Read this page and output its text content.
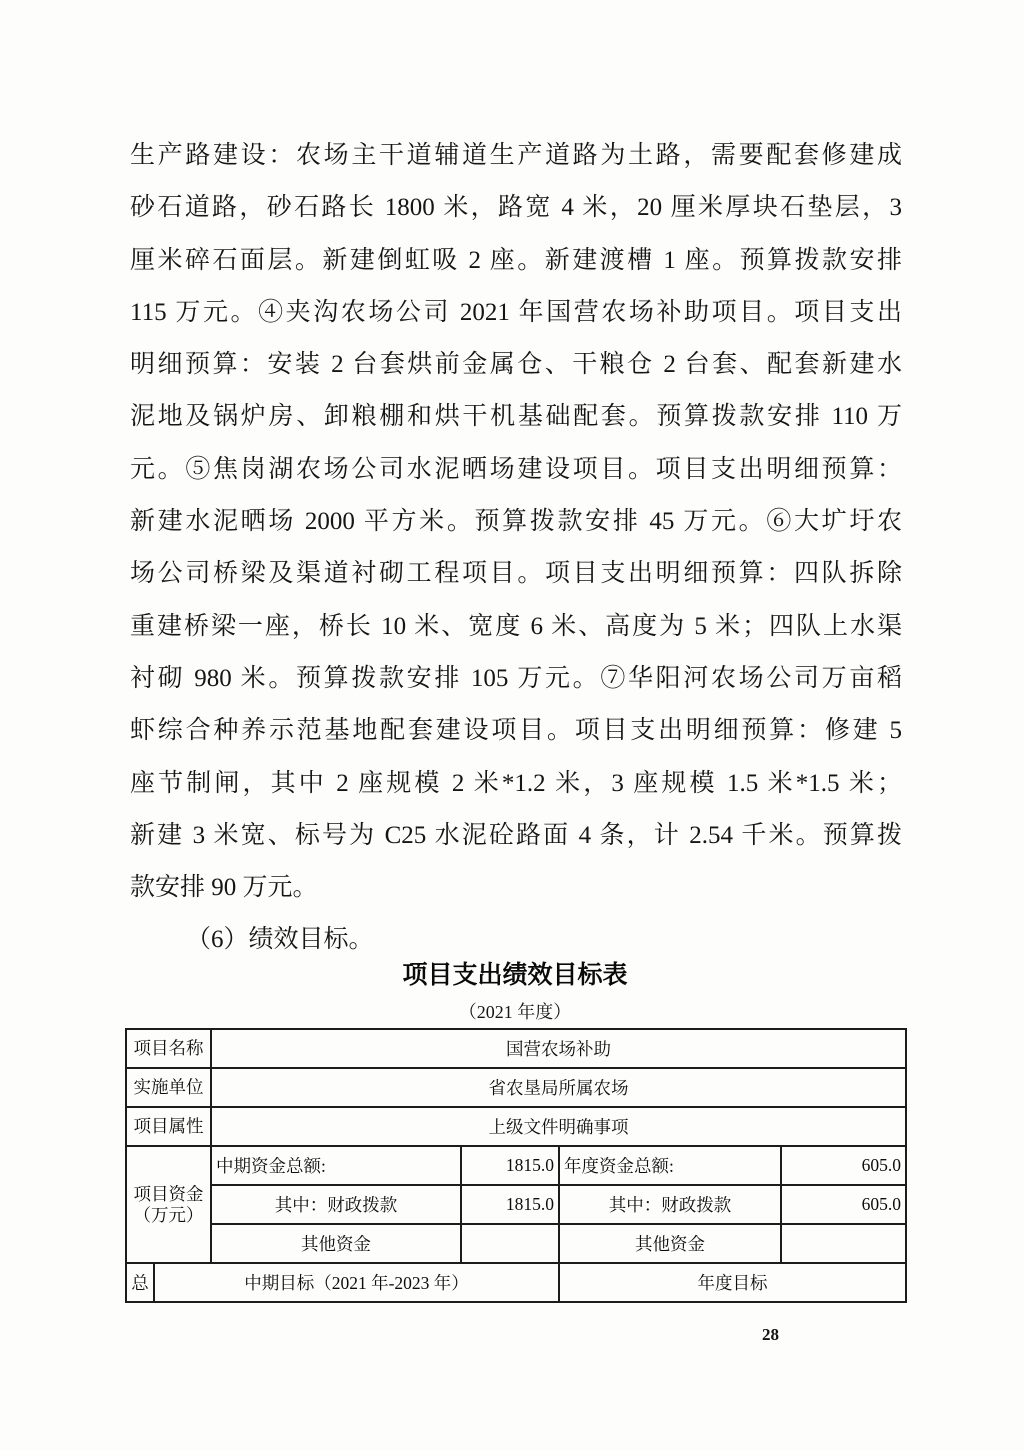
生产路建设：农场主干道辅道生产道路为土路，需要配套修建成
砂石道路，砂石路长 1800 米，路宽 4 米，20 厘米厚块石垫层，3
厘米碎石面层。新建倒虹吸 2 座。新建渡槽 1 座。预算拨款安排
115 万元。④夹沟农场公司 2021 年国营农场补助项目。项目支出
明细预算：安装 2 台套烘前金属仓、干粮仓 2 台套、配套新建水
泥地及锅炉房、卸粮棚和烘干机基础配套。预算拨款安排 110 万
元。⑤焦岗湖农场公司水泥晒场建设项目。项目支出明细预算：
新建水泥晒场 2000 平方米。预算拨款安排 45 万元。⑥大圹圩农
场公司桥梁及渠道衬砌工程项目。项目支出明细预算：四队拆除
重建桥梁一座，桥长 10 米、宽度 6 米、高度为 5 米；四队上水渠
衬砌 980 米。预算拨款安排 105 万元。⑦华阳河农场公司万亩稻
虾综合种养示范基地配套建设项目。项目支出明细预算：修建 5
座节制闸，其中 2 座规模 2 米*1.2 米，3 座规模 1.5 米*1.5 米；
新建 3 米宽、标号为 C25 水泥砼路面 4 条，计 2.54 千米。预算拨
款安排 90 万元。
（6）绩效目标。
项目支出绩效目标表
（2021 年度）
项目名称		国营农场补助			
实施单位		省农垦局所属农场			
项目属性		上级文件明确事项			
项目资金（万元）		中期资金总额:	1815.0	年度资金总额:	605.0
		其中：财政拨款	1815.0	其中：财政拨款	605.0
		其他资金		其他资金	
总	中期目标（2021 年-2023 年）			年度目标	
28
